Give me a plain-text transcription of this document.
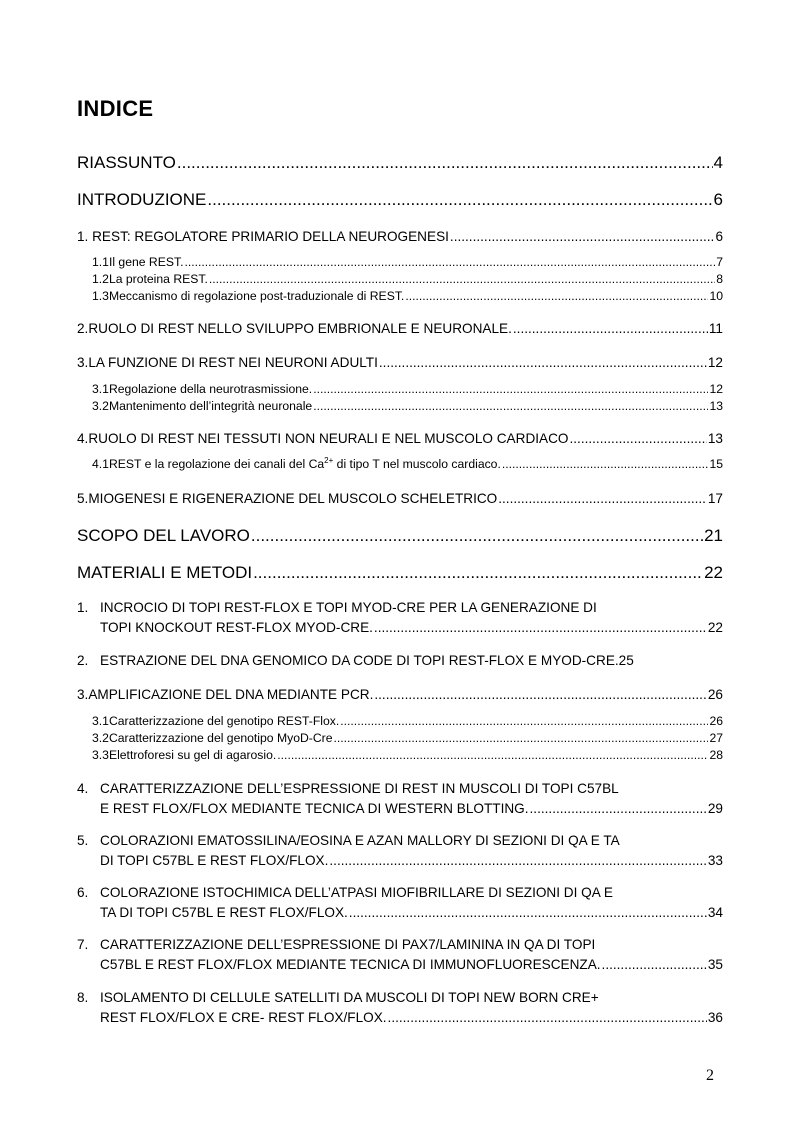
INDICE
RIASSUNTO .....	4
INTRODUZIONE .....	6
1. REST: REGOLATORE PRIMARIO DELLA NEUROGENESI .....	6
1.1Il gene REST. .....	7
1.2La proteina REST. .....	8
1.3Meccanismo di regolazione post-traduzionale di REST. .....	10
2. RUOLO DI REST NELLO SVILUPPO EMBRIONALE E NEURONALE. .....	11
3. LA FUNZIONE DI REST NEI NEURONI ADULTI .....	12
3.1Regolazione della neurotrasmissione. .....	12
3.2Mantenimento dell’integrità neuronale .....	13
4. RUOLO DI REST NEI TESSUTI NON NEURALI E NEL MUSCOLO CARDIACO .....	13
4.1REST e la regolazione dei canali del $Ca^{2+}$ di tipo T nel muscolo cardiaco. .....	15
5. MIOGENESI E RIGENERAZIONE DEL MUSCOLO SCHELETRICO .....	17
SCOPO DEL LAVORO .....	21
MATERIALI E METODI .....	22
1. INCROCIO DI TOPI REST-FLOX E TOPI MYOD-CRE PER LA GENERAZIONE DI
TOPI KNOCKOUT REST-FLOX MYOD-CRE. .....	22
2. ESTRAZIONE DEL DNA GENOMICO DA CODE DI TOPI REST-FLOX E MYOD-CRE. 25
3. AMPLIFICAZIONE DEL DNA MEDIANTE PCR. .....	26
3.1Caratterizzazione del genotipo REST-Flox. .....	26
3.2Caratterizzazione del genotipo MyoD-Cre .....	27
3.3Elettroforesi su gel di agarosio. .....	28
4. CARATTERIZZAZIONE DELL’ESPRESSIONE DI REST IN MUSCOLI DI TOPI C57BL
E REST FLOX/FLOX MEDIANTE TECNICA DI WESTERN BLOTTING. .....	29
5. COLORAZIONI EMATOSSILINA/EOSINA E AZAN MALLORY DI SEZIONI DI QA E TA
DI TOPI C57BL E REST FLOX/FLOX. .....	33
6. COLORAZIONE ISTOCHIMICA DELL’ATPASI MIOFIBRILLARE DI SEZIONI DI QA E
TA DI TOPI C57BL E REST FLOX/FLOX. .....	34
7. CARATTERIZZAZIONE DELL’ESPRESSIONE DI PAX7/LAMININA IN QA DI TOPI
C57BL E REST FLOX/FLOX MEDIANTE TECNICA DI IMMUNOFLUORESCENZA. .....	35
8. ISOLAMENTO DI CELLULE SATELLITI DA MUSCOLI DI TOPI NEW BORN CRE+
REST FLOX/FLOX E CRE- REST FLOX/FLOX. .....	36
2
